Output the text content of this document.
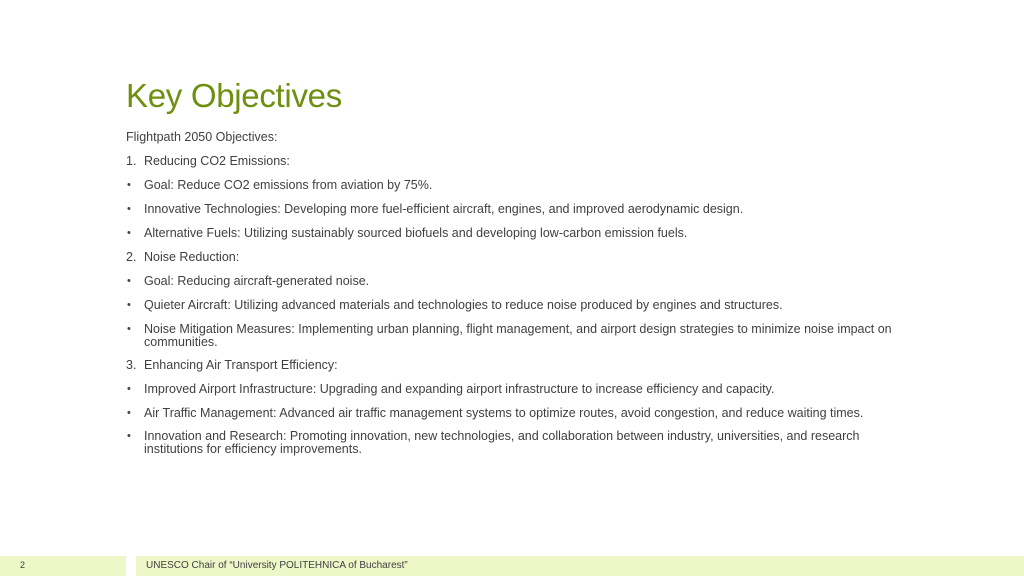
Key Objectives
Flightpath 2050 Objectives:
1. Reducing CO2 Emissions:
•	Goal: Reduce CO2 emissions from aviation by 75%.
•	Innovative Technologies: Developing more fuel-efficient aircraft, engines, and improved aerodynamic design.
•	Alternative Fuels: Utilizing sustainably sourced biofuels and developing low-carbon emission fuels.
2. Noise Reduction:
•	Goal: Reducing aircraft-generated noise.
•	Quieter Aircraft: Utilizing advanced materials and technologies to reduce noise produced by engines and structures.
•	Noise Mitigation Measures: Implementing urban planning, flight management, and airport design strategies to minimize noise impact on communities.
3. Enhancing Air Transport Efficiency:
•	Improved Airport Infrastructure: Upgrading and expanding airport infrastructure to increase efficiency and capacity.
•	Air Traffic Management: Advanced air traffic management systems to optimize routes, avoid congestion, and reduce waiting times.
•	Innovation and Research: Promoting innovation, new technologies, and collaboration between industry, universities, and research institutions for efficiency improvements.
2	UNESCO Chair of “University POLITEHNICA of Bucharest”
